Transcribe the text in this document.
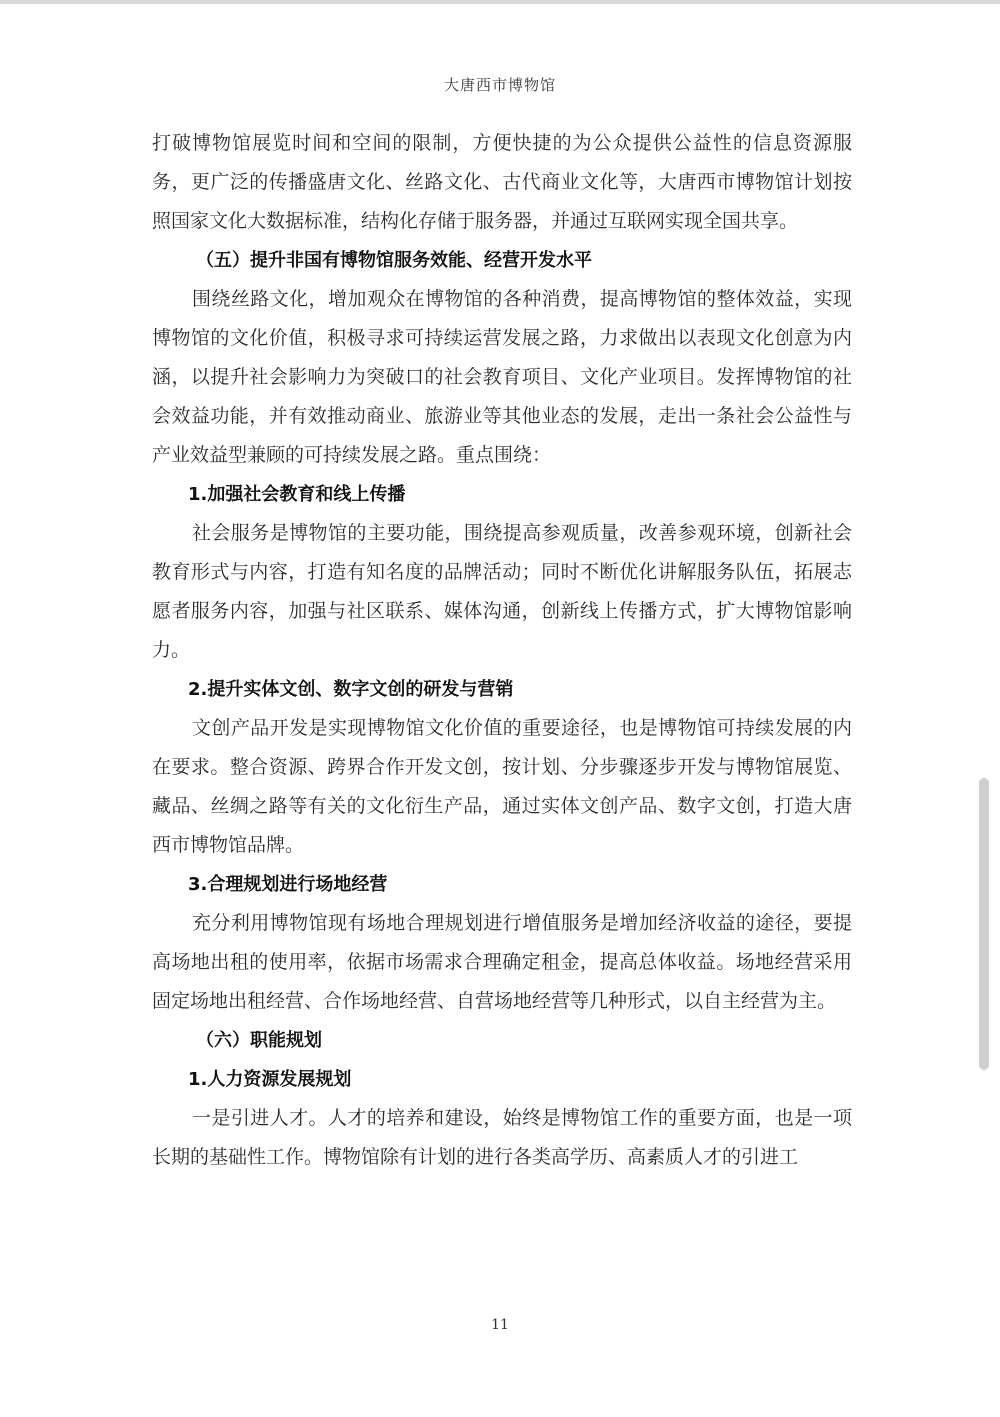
大唐西市博物馆

打破博物馆展览时间和空间的限制，方便快捷的为公众提供公益性的信息资源服务，更广泛的传播盛唐文化、丝路文化、古代商业文化等，大唐西市博物馆计划按照国家文化大数据标准，结构化存储于服务器，并通过互联网实现全国共享。

（五）提升非国有博物馆服务效能、经营开发水平

围绕丝路文化，增加观众在博物馆的各种消费，提高博物馆的整体效益，实现博物馆的文化价值，积极寻求可持续运营发展之路，力求做出以表现文化创意为内涵，以提升社会影响力为突破口的社会教育项目、文化产业项目。发挥博物馆的社会效益功能，并有效推动商业、旅游业等其他业态的发展，走出一条社会公益性与产业效益型兼顾的可持续发展之路。重点围绕：

1.加强社会教育和线上传播

社会服务是博物馆的主要功能，围绕提高参观质量，改善参观环境，创新社会教育形式与内容，打造有知名度的品牌活动；同时不断优化讲解服务队伍，拓展志愿者服务内容，加强与社区联系、媒体沟通，创新线上传播方式，扩大博物馆影响力。

2.提升实体文创、数字文创的研发与营销

文创产品开发是实现博物馆文化价值的重要途径，也是博物馆可持续发展的内在要求。整合资源、跨界合作开发文创，按计划、分步骤逐步开发与博物馆展览、藏品、丝绸之路等有关的文化衍生产品，通过实体文创产品、数字文创，打造大唐西市博物馆品牌。

3.合理规划进行场地经营

充分利用博物馆现有场地合理规划进行增值服务是增加经济收益的途径，要提高场地出租的使用率，依据市场需求合理确定租金，提高总体收益。场地经营采用固定场地出租经营、合作场地经营、自营场地经营等几种形式，以自主经营为主。

（六）职能规划

1.人力资源发展规划

一是引进人才。人才的培养和建设，始终是博物馆工作的重要方面，也是一项长期的基础性工作。博物馆除有计划的进行各类高学历、高素质人才的引进工

11
